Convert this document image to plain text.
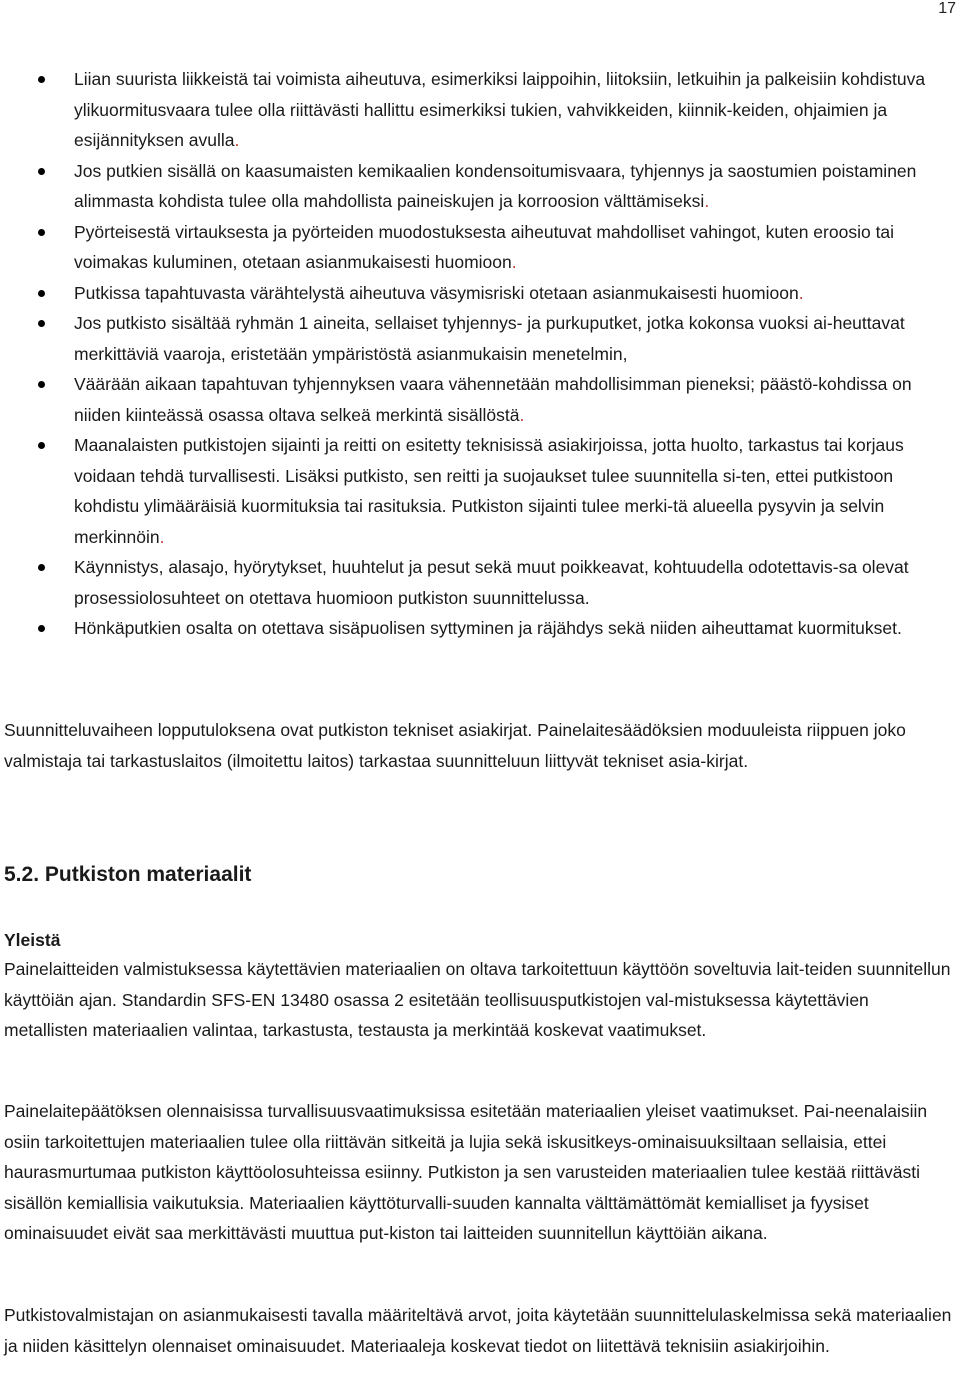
17
Liian suurista liikkeistä tai voimista aiheutuva, esimerkiksi laippoihin, liitoksiin, letkuihin ja palkeisiin kohdistuva ylikuormitusvaara tulee olla riittävästi hallittu esimerkiksi tukien, vahvikkeiden, kiinnik-keiden, ohjaimien ja esijännityksen avulla.
Jos putkien sisällä on kaasumaisten kemikaalien kondensoitumisvaara, tyhjennys ja saostumien poistaminen alimmasta kohdista tulee olla mahdollista paineiskujen ja korroosion välttämiseksi.
Pyörteisestä virtauksesta ja pyörteiden muodostuksesta aiheutuvat mahdolliset vahingot, kuten eroosio tai voimakas kuluminen, otetaan asianmukaisesti huomioon.
Putkissa tapahtuvasta värähtelystä aiheutuva väsymisriski otetaan asianmukaisesti huomioon.
Jos putkisto sisältää ryhmän 1 aineita, sellaiset tyhjennys- ja purkuputket, jotka kokonsa vuoksi ai-heuttavat merkittäviä vaaroja, eristetään ympäristöstä asianmukaisin menetelmin,
Väärään aikaan tapahtuvan tyhjennyksen vaara vähennetään mahdollisimman pieneksi; päästö-kohdissa on niiden kiinteässä osassa oltava selkeä merkintä sisällöstä.
Maanalaisten putkistojen sijainti ja reitti on esitetty teknisissä asiakirjoissa, jotta huolto, tarkastus tai korjaus voidaan tehdä turvallisesti. Lisäksi putkisto, sen reitti ja suojaukset tulee suunnitella si-ten, ettei putkistoon kohdistu ylimääräisiä kuormituksia tai rasituksia. Putkiston sijainti tulee merki-tä alueella pysyvin ja selvin merkinnöin.
Käynnistys, alasajo, hyörytykset, huuhtelut ja pesut sekä muut poikkeavat, kohtuudella odotettavis-sa olevat prosessiolosuhteet on otettava huomioon putkiston suunnittelussa.
Hönkäputkien osalta on otettava sisäpuolisen syttyminen ja räjähdys sekä niiden aiheuttamat kuormitukset.

Suunnitteluvaiheen lopputuloksena ovat putkiston tekniset asiakirjat. Painelaitesäädöksien moduuleista riippuen joko valmistaja tai tarkastuslaitos (ilmoitettu laitos) tarkastaa suunnitteluun liittyvät tekniset asia-kirjat.

5.2. Putkiston materiaalit
Yleistä

Painelaitteiden valmistuksessa käytettävien materiaalien on oltava tarkoitettuun käyttöön soveltuvia lait-teiden suunnitellun käyttöiän ajan. Standardin SFS-EN 13480 osassa 2 esitetään teollisuusputkistojen val-mistuksessa käytettävien metallisten materiaalien valintaa, tarkastusta, testausta ja merkintää koskevat vaatimukset.

Painelaitepäätöksen olennaisissa turvallisuusvaatimuksissa esitetään materiaalien yleiset vaatimukset. Pai-neenalaisiin osiin tarkoitettujen materiaalien tulee olla riittävän sitkeitä ja lujia sekä iskusitkeys-ominaisuuksiltaan sellaisia, ettei haurasmurtumaa putkiston käyttöolosuhteissa esiinny. Putkiston ja sen varusteiden materiaalien tulee kestää riittävästi sisällön kemiallisia vaikutuksia. Materiaalien käyttöturvalli-suuden kannalta välttämättömät kemialliset ja fyysiset ominaisuudet eivät saa merkittävästi muuttua put-kiston tai laitteiden suunnitellun käyttöiän aikana.

Putkistovalmistajan on asianmukaisesti tavalla määriteltävä arvot, joita käytetään suunnittelulaskelmissa sekä materiaalien ja niiden käsittelyn olennaiset ominaisuudet. Materiaaleja koskevat tiedot on liitettävä teknisiin asiakirjoihin.
